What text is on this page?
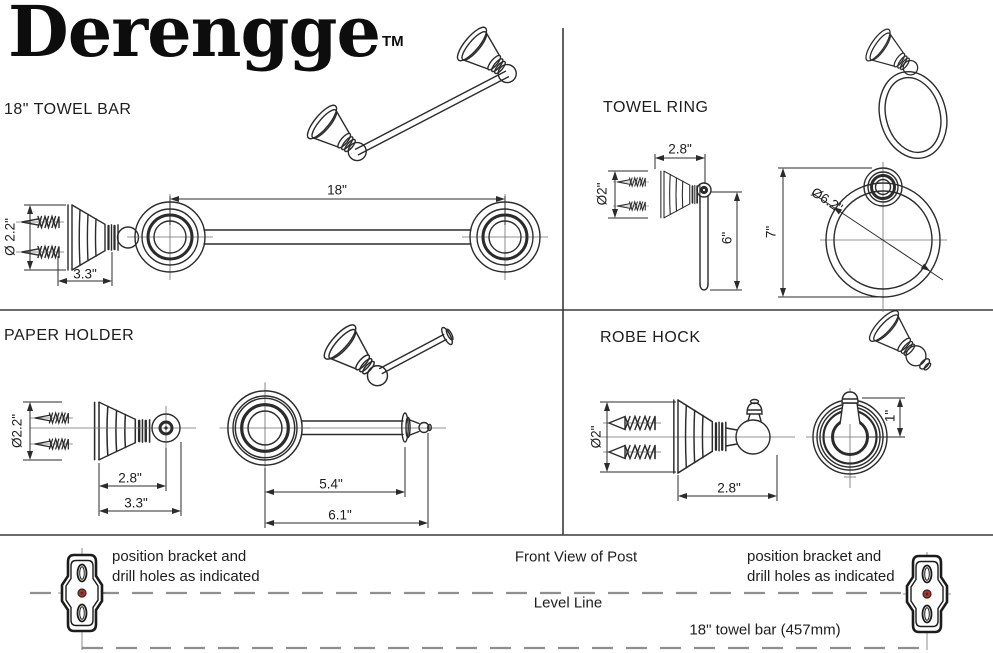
Derengge ™
18" TOWEL BAR	TOWEL RING
PAPER HOLDER	ROBE HOCK
Ø 2.2"
3.3"
18"
2.8"
Ø2"
6" 7"
Ø6.2"
Ø2.2"
2.8"
3.3"
5.4"
6.1"
Ø2"
2.8"
1"
position bracket and
drill holes as indicated
position bracket and
drill holes as indicated
Front View of Post
Level Line
18" towel bar (457mm)
